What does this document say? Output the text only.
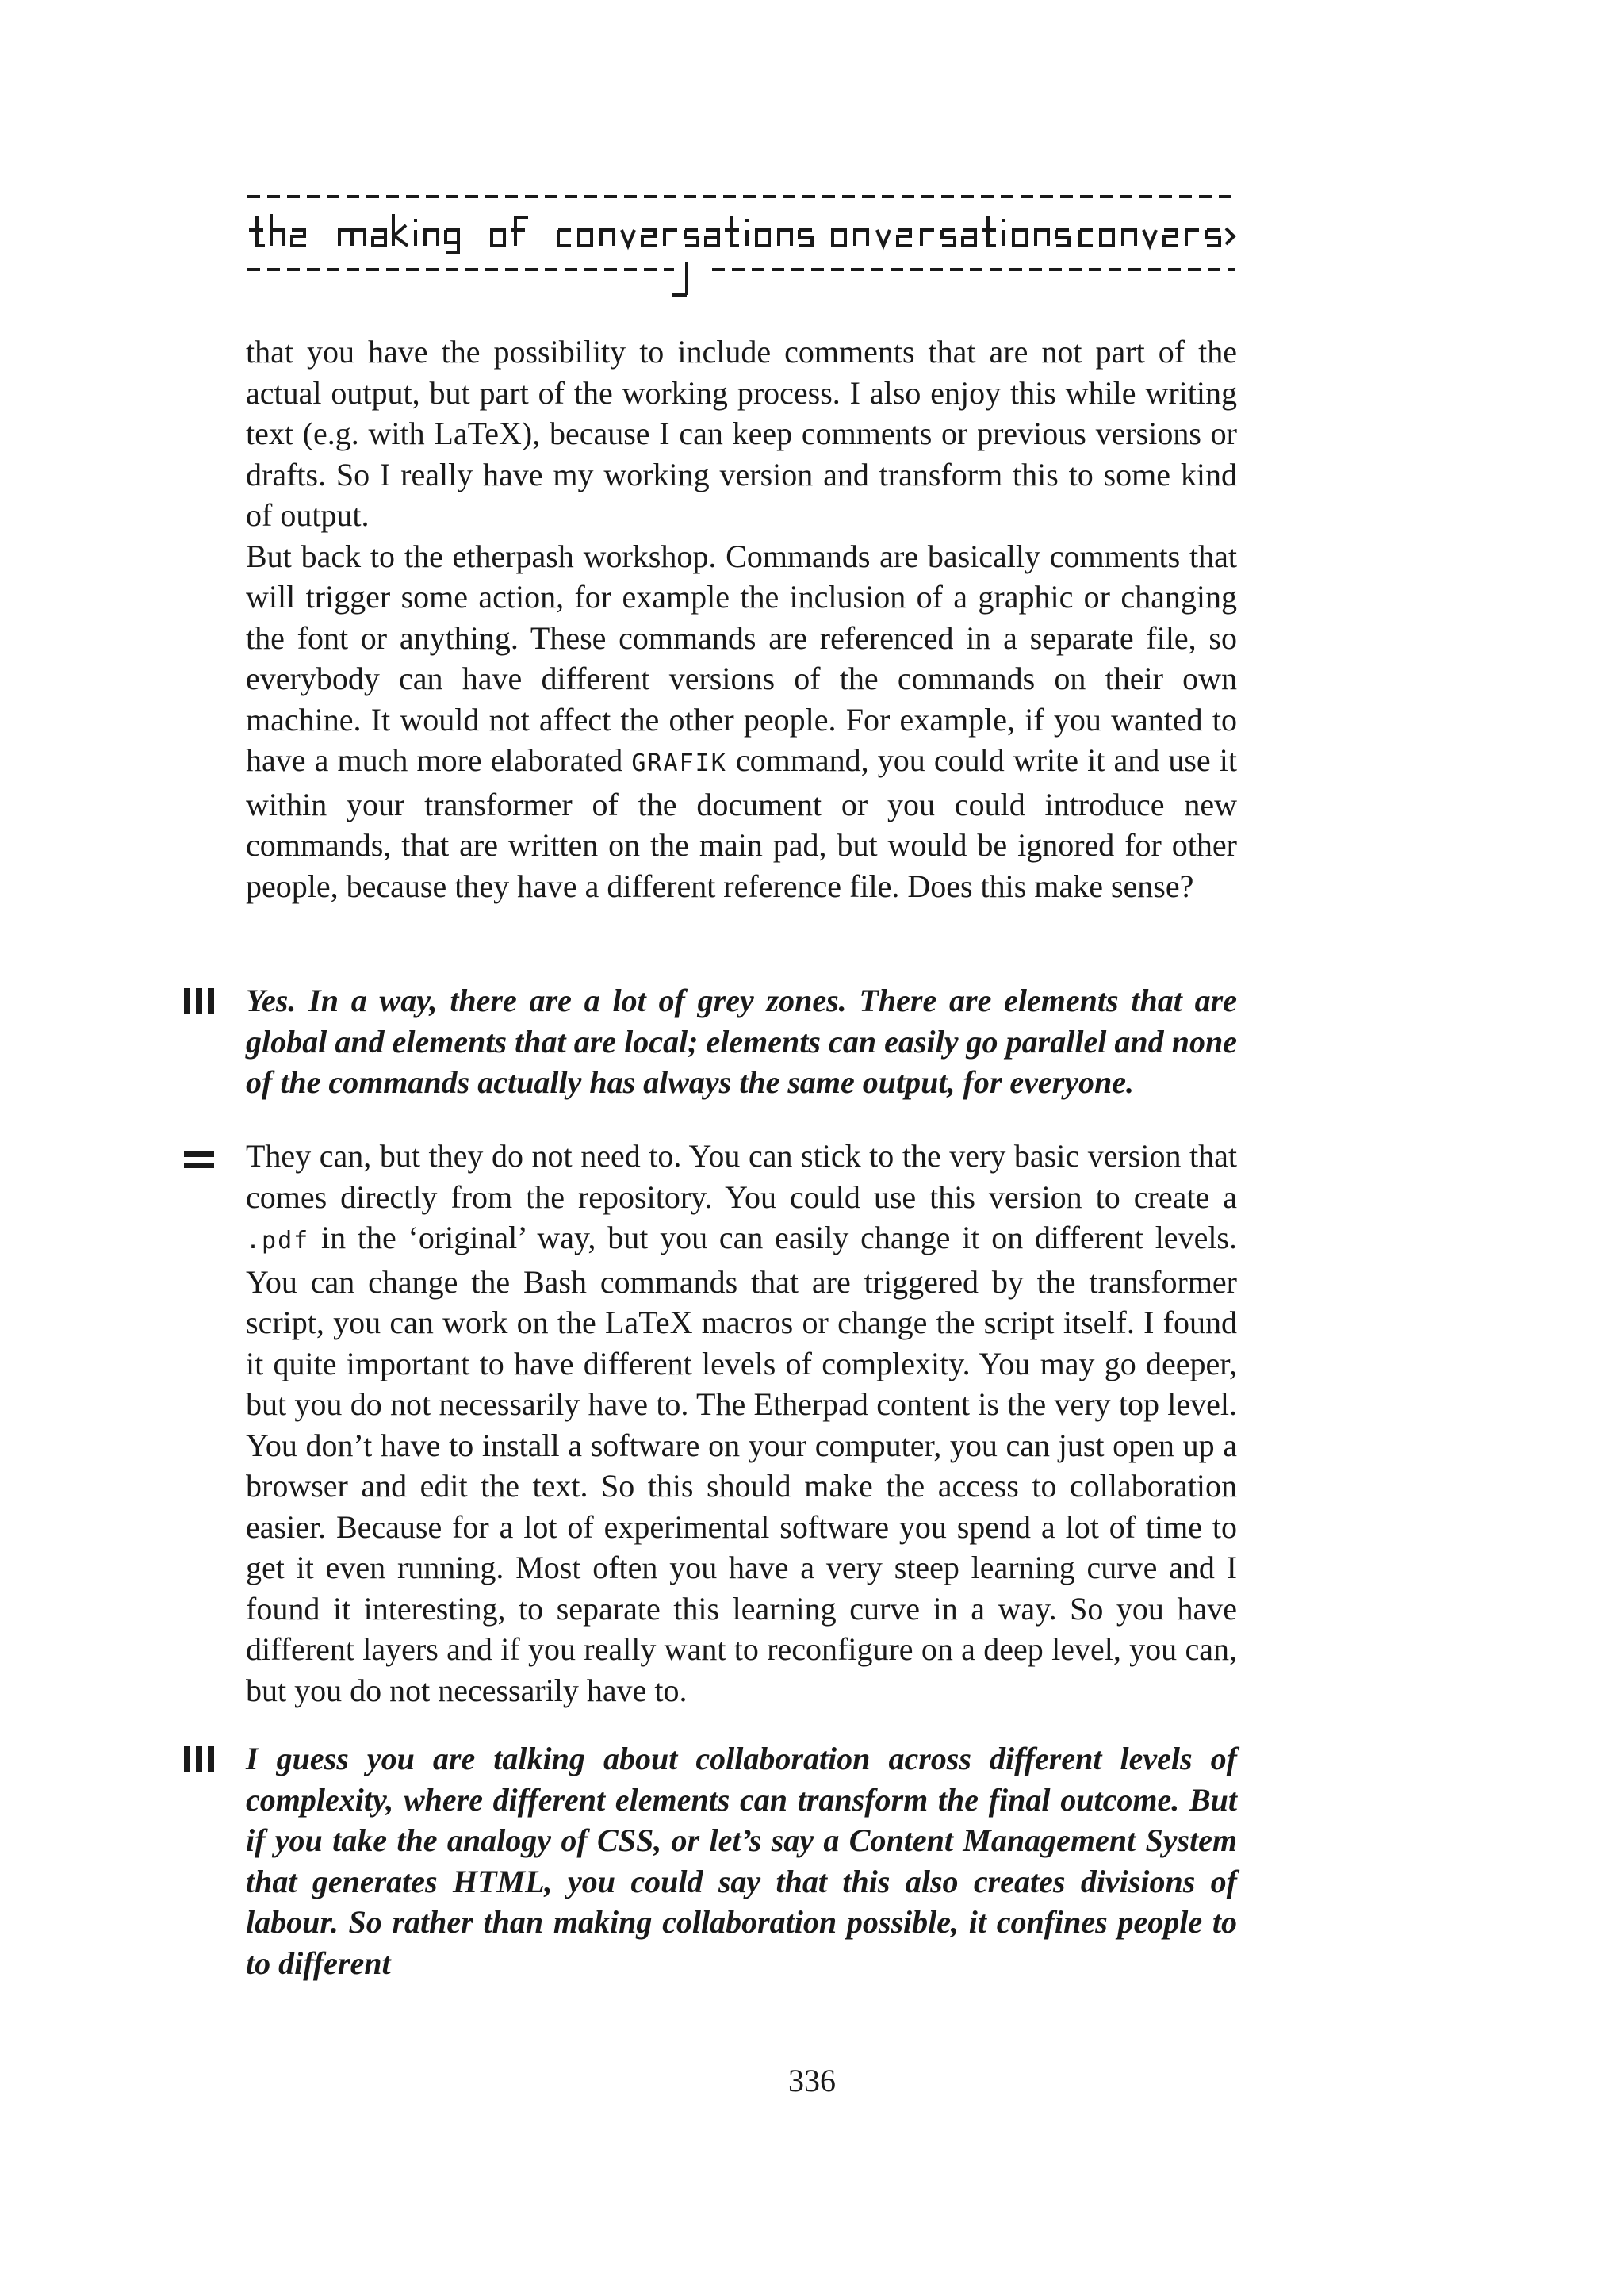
that you have the possibility to include comments that are not part of the actual output, but part of the working process. I also enjoy this while writing text (e.g. with LaTeX), because I can keep comments or previous versions or drafts. So I really have my working version and transform this to some kind of output.

But back to the etherpash workshop. Commands are basically comments that will trigger some action, for example the inclusion of a graphic or changing the font or anything. These commands are referenced in a separate file, so everybody can have different versions of the commands on their own machine. It would not affect the other people. For example, if you wanted to have a much more elaborated GRAFIK command, you could write it and use it within your transformer of the document or you could introduce new commands, that are written on the main pad, but would be ignored for other people, because they have a different reference file. Does this make sense?

Yes. In a way, there are a lot of grey zones. There are elements that are global and elements that are local; elements can easily go parallel and none of the commands actually has always the same output, for everyone.
They can, but they do not need to. You can stick to the very basic version that comes directly from the repository. You could use this version to create a .pdf in the ‘original’ way, but you can easily change it on different levels. You can change the Bash commands that are triggered by the transformer script, you can work on the LaTeX macros or change the script itself. I found it quite important to have different levels of complexity. You may go deeper, but you do not necessarily have to. The Etherpad content is the very top level. You don’t have to install a software on your computer, you can just open up a browser and edit the text. So this should make the access to collaboration easier. Because for a lot of experimental software you spend a lot of time to get it even running. Most often you have a very steep learning curve and I found it interesting, to separate this learning curve in a way. So you have different layers and if you really want to reconfigure on a deep level, you can, but you do not necessarily have to.
I guess you are talking about collaboration across different levels of complexity, where different elements can transform the final outcome. But if you take the analogy of CSS, or let’s say a Content Management System that generates HTML, you could say that this also creates divisions of labour. So rather than making collaboration possible, it confines people to to different
336
